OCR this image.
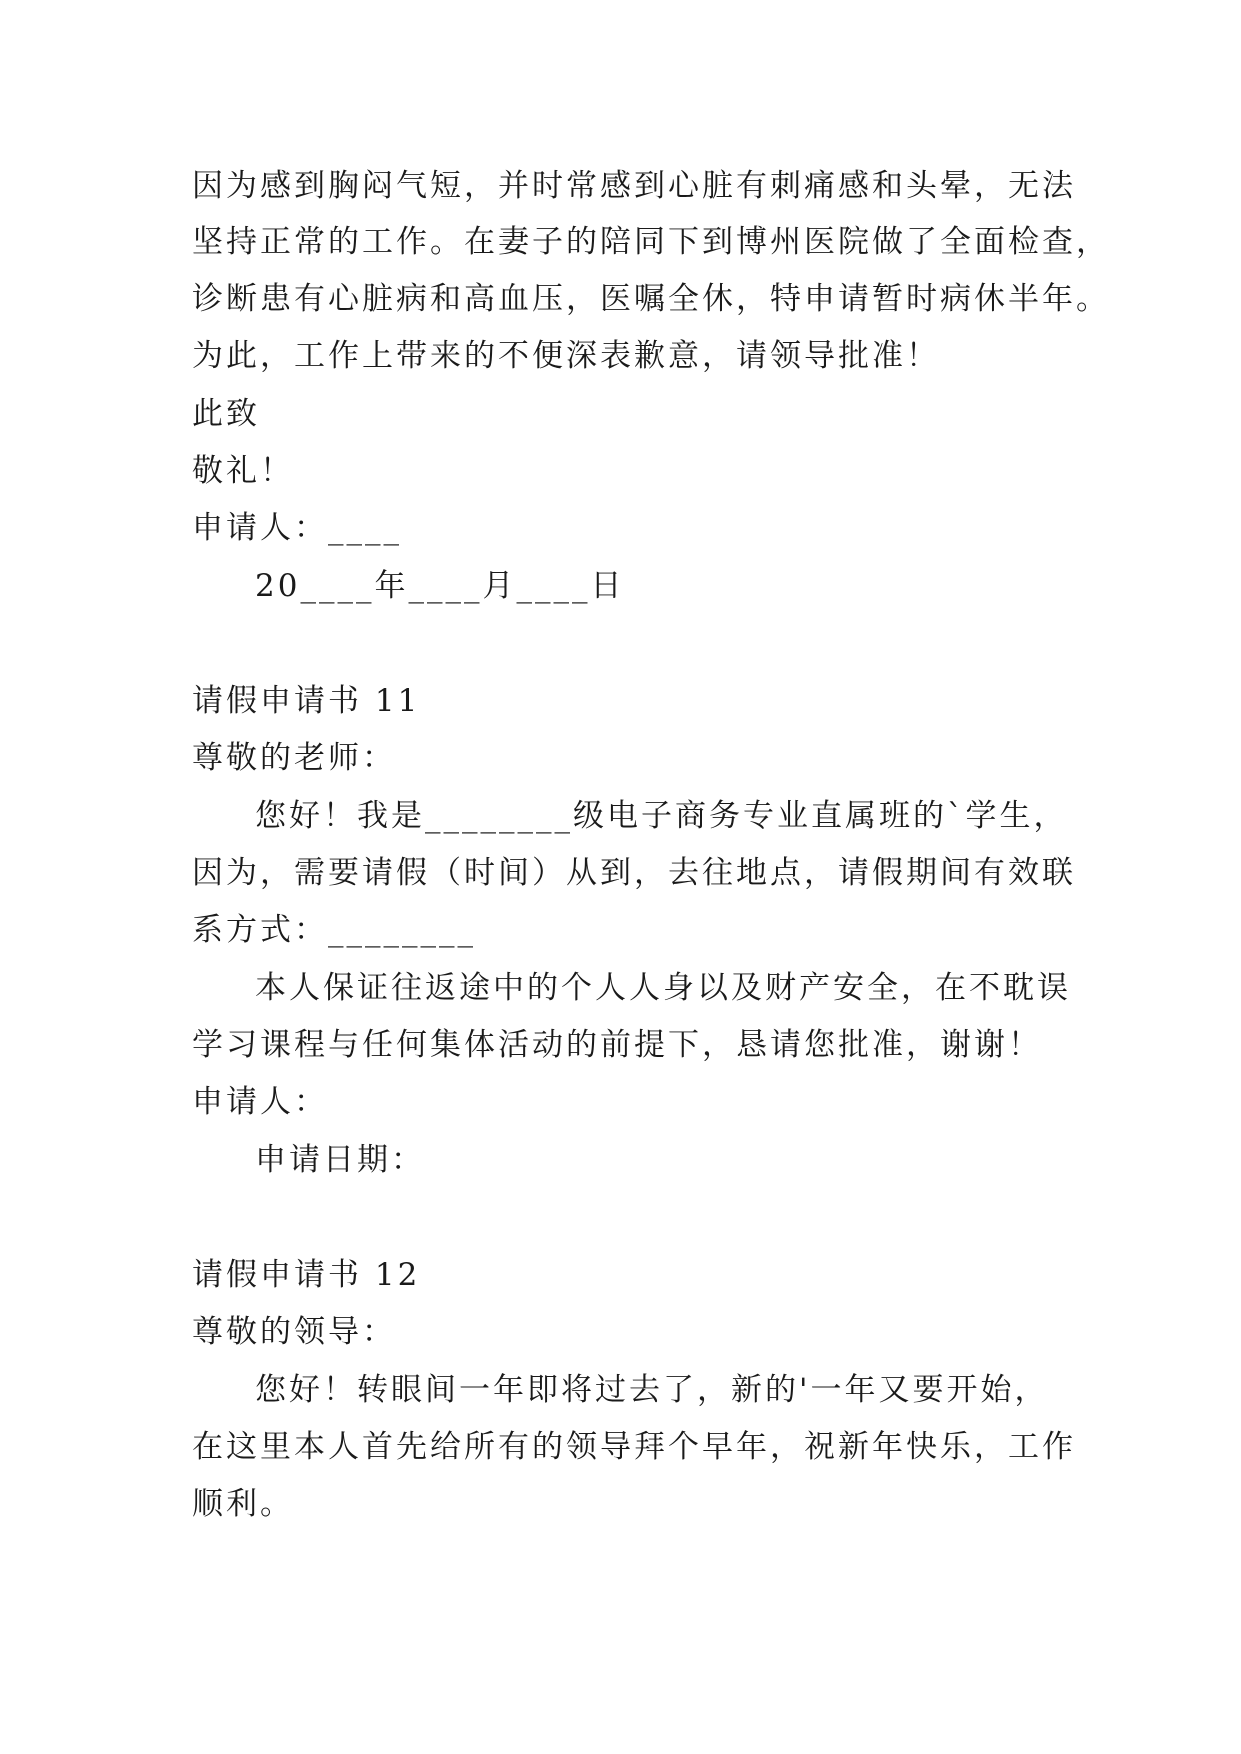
因为感到胸闷气短，并时常感到心脏有刺痛感和头晕，无法
坚持正常的工作。在妻子的陪同下到博州医院做了全面检查，
诊断患有心脏病和高血压，医嘱全休，特申请暂时病休半年。
为此，工作上带来的不便深表歉意，请领导批准！
此致
敬礼！
申请人：____
20____年____月____日
请假申请书 11
尊敬的老师：
您好！我是________级电子商务专业直属班的`学生，
因为，需要请假（时间）从到，去往地点，请假期间有效联
系方式：________
本人保证往返途中的个人人身以及财产安全，在不耽误
学习课程与任何集体活动的前提下，恳请您批准，谢谢！
申请人：
申请日期：
请假申请书 12
尊敬的领导：
您好！转眼间一年即将过去了，新的'一年又要开始，
在这里本人首先给所有的领导拜个早年，祝新年快乐，工作
顺利。
